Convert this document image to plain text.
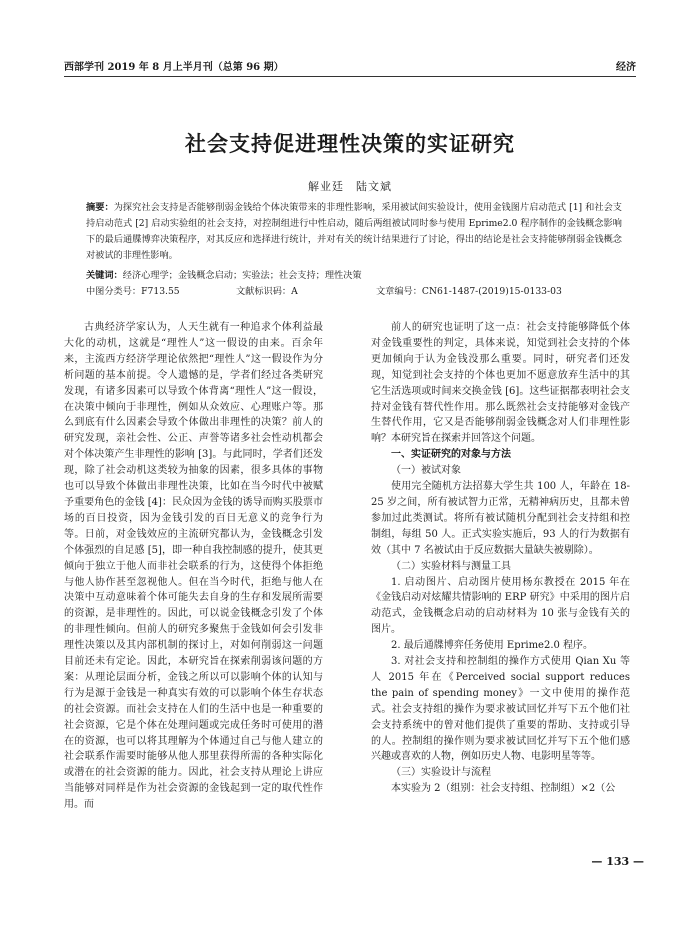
西部学刊 2019 年 8 月上半月刊（总第 96 期）	经济
社会支持促进理性决策的实证研究
解业廷　陆文斌
摘要：为探究社会支持是否能够削弱金钱给个体决策带来的非理性影响，采用被试间实验设计，使用金钱图片启动范式 [1] 和社会支持启动范式 [2] 启动实验组的社会支持，对控制组进行中性启动，随后两组被试同时参与使用 Eprime2.0 程序制作的金钱概念影响下的最后通牒博弈决策程序，对其反应和选择进行统计，并对有关的统计结果进行了讨论，得出的结论是社会支持能够削弱金钱概念对被试的非理性影响。
关键词：经济心理学；金钱概念启动；实验法；社会支持；理性决策
中图分类号：F713.55	文献标识码：A	文章编号：CN61-1487-(2019)15-0133-03

古典经济学家认为，人天生就有一种追求个体利益最大化的动机，这就是“理性人”这一假设的由来。百余年来，主流西方经济学理论依然把“理性人”这一假设作为分析问题的基本前提。令人遗憾的是，学者们经过各类研究发现，有诸多因素可以导致个体背离“理性人”这一假设，在决策中倾向于非理性，例如从众效应、心理账户等。那么到底有什么因素会导致个体做出非理性的决策？前人的研究发现，亲社会性、公正、声誉等诸多社会性动机都会对个体决策产生非理性的影响 [3]。与此同时，学者们还发现，除了社会动机这类较为抽象的因素，很多具体的事物也可以导致个体做出非理性决策，比如在当今时代中被赋予重要角色的金钱 [4]：民众因为金钱的诱导而购买股票市场的百日投资，因为金钱引发的百日无意义的竞争行为等。日前，对金钱效应的主流研究都认为，金钱概念引发个体强烈的自足感 [5]，即一种自我控制感的提升，使其更倾向于独立于他人而非社会联系的行为，这使得个体拒绝与他人协作甚至忽视他人。但在当今时代，拒绝与他人在决策中互动意味着个体可能失去自身的生存和发展所需要的资源，是非理性的。因此，可以说金钱概念引发了个体的非理性倾向。但前人的研究多聚焦于金钱如何会引发非理性决策以及其内部机制的探讨上，对如何削弱这一问题目前还未有定论。因此，本研究旨在探索削弱该问题的方案：从理论层面分析，金钱之所以可以影响个体的认知与行为是源于金钱是一种真实有效的可以影响个体生存状态的社会资源。而社会支持在人们的生活中也是一种重要的社会资源，它是个体在处理问题或完成任务时可使用的潜在的资源，也可以将其理解为个体通过自己与他人建立的社会联系作需要时能够从他人那里获得所需的各种实际化或潜在的社会资源的能力。因此，社会支持从理论上讲应当能够对同样是作为社会资源的金钱起到一定的取代性作用。而

前人的研究也证明了这一点：社会支持能够降低个体对金钱重要性的判定，具体来说，知觉到社会支持的个体更加倾向于认为金钱没那么重要。同时，研究者们还发现，知觉到社会支持的个体也更加不愿意放弃生活中的其它生活选项或时间来交换金钱 [6]。这些证据都表明社会支持对金钱有替代性作用。那么既然社会支持能够对金钱产生替代作用，它又是否能够削弱金钱概念对人们非理性影响？本研究旨在探索并回答这个问题。

一、实证研究的对象与方法

（一）被试对象

使用完全随机方法招募大学生共 100 人，年龄在 18-25 岁之间，所有被试智力正常，无精神病历史，且都未曾参加过此类测试。将所有被试随机分配到社会支持组和控制组，每组 50 人。正式实验实施后，93 人的行为数据有效（其中 7 名被试由于反应数据大量缺失被剔除）。

（二）实验材料与测量工具

1. 启动图片、启动图片使用杨东教授在 2015 年在《金钱启动对炫耀共情影响的 ERP 研究》中采用的图片启动范式，金钱概念启动的启动材料为 10 张与金钱有关的图片。

2. 最后通牒博弈任务使用 Eprime2.0 程序。

3. 对社会支持和控制组的操作方式使用 Qian Xu 等人 2015 年在《Perceived social support reduces the pain of spending money》一文中使用的操作范式。社会支持组的操作为要求被试回忆并写下五个他们社会支持系统中的曾对他们提供了重要的帮助、支持或引导的人。控制组的操作则为要求被试回忆并写下五个他们感兴趣或喜欢的人物，例如历史人物、电影明星等等。

（三）实验设计与流程

本实验为 2（组别：社会支持组、控制组）×2（公

— 133 —
